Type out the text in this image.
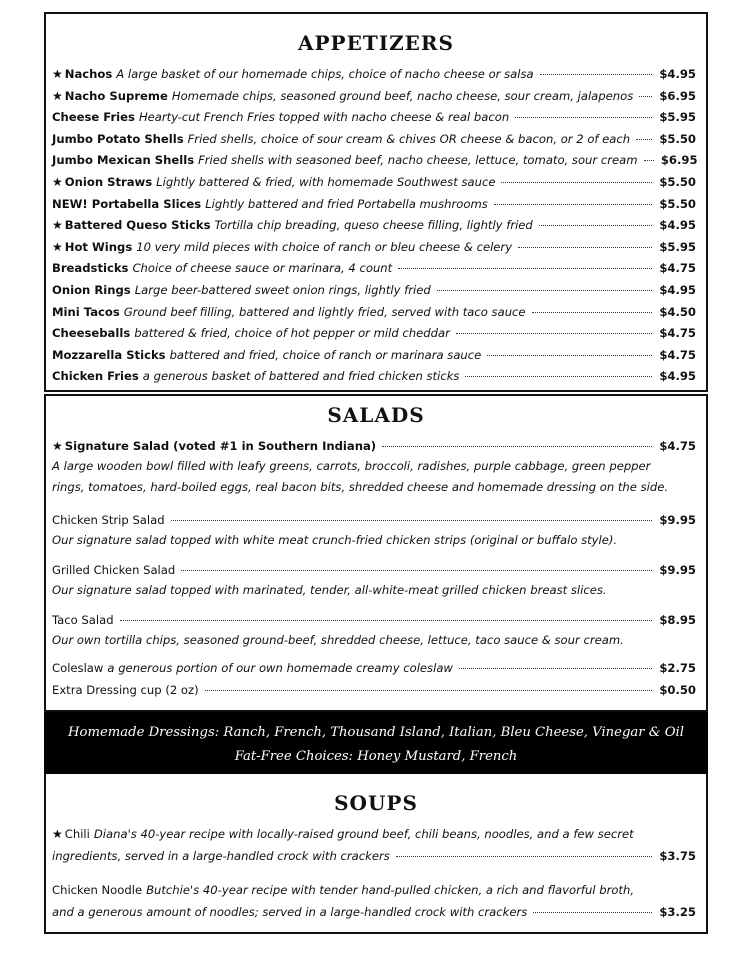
APPETIZERS
★ Nachos A large basket of our homemade chips, choice of nacho cheese or salsa	$4.95
★ Nacho Supreme Homemade chips, seasoned ground beef, nacho cheese, sour cream, jalapenos $6.95
Cheese Fries Hearty-cut French Fries topped with nacho cheese & real bacon	$5.95
Jumbo Potato Shells Fried shells, choice of sour cream & chives OR cheese & bacon, or 2 of each	$5.50
Jumbo Mexican Shells Fried shells with seasoned beef, nacho cheese, lettuce, tomato, sour cream $6.95
★ Onion Straws Lightly battered & fried, with homemade Southwest sauce	$5.50
NEW! Portabella Slices Lightly battered and fried Portabella mushrooms	$5.50
★ Battered Queso Sticks Tortilla chip breading, queso cheese filling, lightly fried	$4.95
★ Hot Wings 10 very mild pieces with choice of ranch or bleu cheese & celery	$5.95
Breadsticks Choice of cheese sauce or marinara, 4 count	$4.75
Onion Rings Large beer-battered sweet onion rings, lightly fried	$4.95
Mini Tacos Ground beef filling, battered and lightly fried, served with taco sauce	$4.50
Cheeseballs battered & fried, choice of hot pepper or mild cheddar	$4.75
Mozzarella Sticks battered and fried, choice of ranch or marinara sauce	$4.75
Chicken Fries a generous basket of battered and fried chicken sticks	$4.95
SALADS
★ Signature Salad (voted #1 in Southern Indiana)	$4.75
A large wooden bowl filled with leafy greens, carrots, broccoli, radishes, purple cabbage, green pepper
rings, tomatoes, hard-boiled eggs, real bacon bits, shredded cheese and homemade dressing on the side.
Chicken Strip Salad	$9.95
Our signature salad topped with white meat crunch-fried chicken strips (original or buffalo style).
Grilled Chicken Salad	$9.95
Our signature salad topped with marinated, tender, all-white-meat grilled chicken breast slices.
Taco Salad	$8.95
Our own tortilla chips, seasoned ground-beef, shredded cheese, lettuce, taco sauce & sour cream.
Coleslaw a generous portion of our own homemade creamy coleslaw	$2.75
Extra Dressing cup (2 oz)	$0.50
Homemade Dressings: Ranch, French, Thousand Island, Italian, Bleu Cheese, Vinegar & Oil
Fat-Free Choices: Honey Mustard, French
SOUPS
★ Chili Diana's 40-year recipe with locally-raised ground beef, chili beans, noodles, and a few secret
ingredients, served in a large-handled crock with crackers	$3.75
Chicken Noodle Butchie's 40-year recipe with tender hand-pulled chicken, a rich and flavorful broth,
and a generous amount of noodles; served in a large-handled crock with crackers	$3.25
